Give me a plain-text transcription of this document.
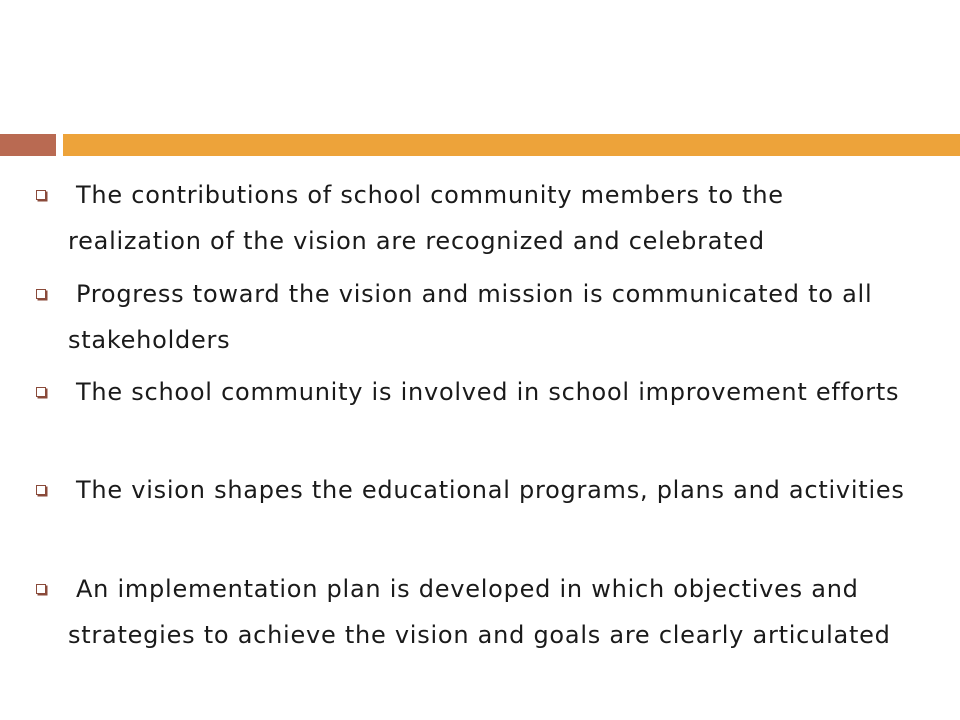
The contributions of school community members to the realization of the vision are recognized and celebrated

Progress toward the vision and mission is communicated to all stakeholders

The school community is involved in school improvement efforts

The vision shapes the educational programs, plans and activities

An implementation plan is developed in which objectives and strategies to achieve the vision and goals are clearly articulated
